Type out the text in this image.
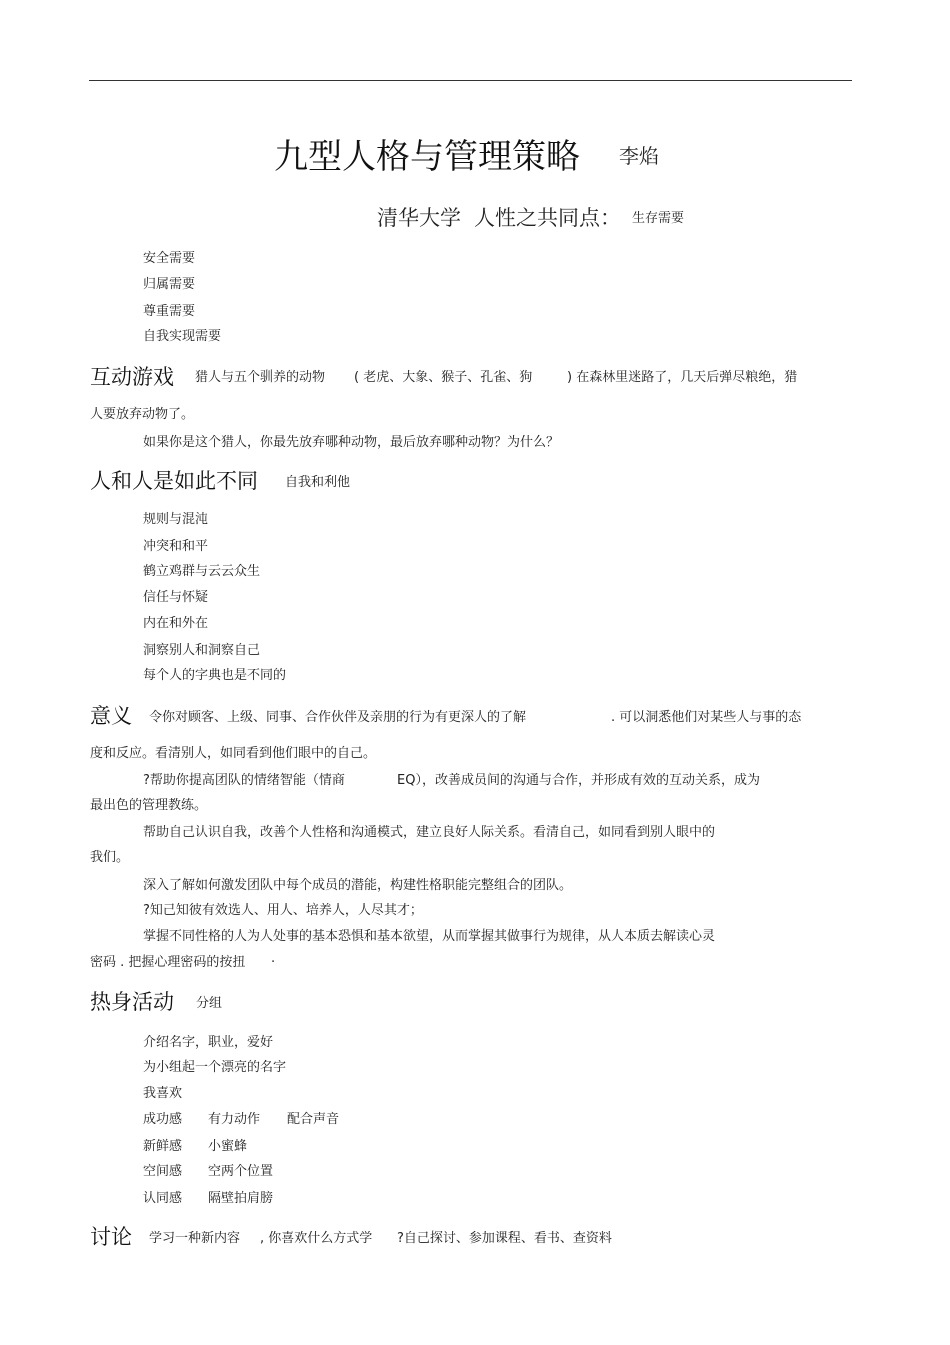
九型人格与管理策略 李焰
清华大学 人性之共同点： 生存需要
安全需要
归属需要
尊重需要
自我实现需要
互动游戏 猎人与五个驯养的动物 ( 老虎、大象、猴子、孔雀、狗	) 在森林里迷路了，几天后弹尽粮绝，猎
人要放弃动物了。
如果你是这个猎人，你最先放弃哪种动物，最后放弃哪种动物？为什么？
人和人是如此不同 自我和利他
规则与混沌
冲突和和平
鹤立鸡群与云云众生
信任与怀疑
内在和外在
洞察别人和洞察自己
每个人的字典也是不同的
意义 令你对顾客、上级、同事、合作伙伴及亲朋的行为有更深人的了解	. 可以洞悉他们对某些人与事的态
度和反应。看清别人，如同看到他们眼中的自己。
?帮助你提高团队的情绪智能（情商	EQ），改善成员间的沟通与合作，并形成有效的互动关系，成为
最出色的管理教练。
帮助自己认识自我，改善个人性格和沟通模式，建立良好人际关系。看清自己，如同看到别人眼中的
我们。
深入了解如何激发团队中每个成员的潜能，构建性格职能完整组合的团队。
?知己知彼有效选人、用人、培养人，人尽其才；
掌握不同性格的人为人处事的基本恐惧和基本欲望，从而掌握其做事行为规律，从人本质去解读心灵
密码 . 把握心理密码的按扭 .
热身活动 分组
介绍名字，职业，爱好
为小组起一个漂亮的名字
我喜欢
成功感 有力动作 配合声音
新鲜感 小蜜蜂
空间感 空两个位置
认同感 隔壁拍肩膀
讨论 学习一种新内容 , 你喜欢什么方式学 ?自己探讨、参加课程、看书、查资料
